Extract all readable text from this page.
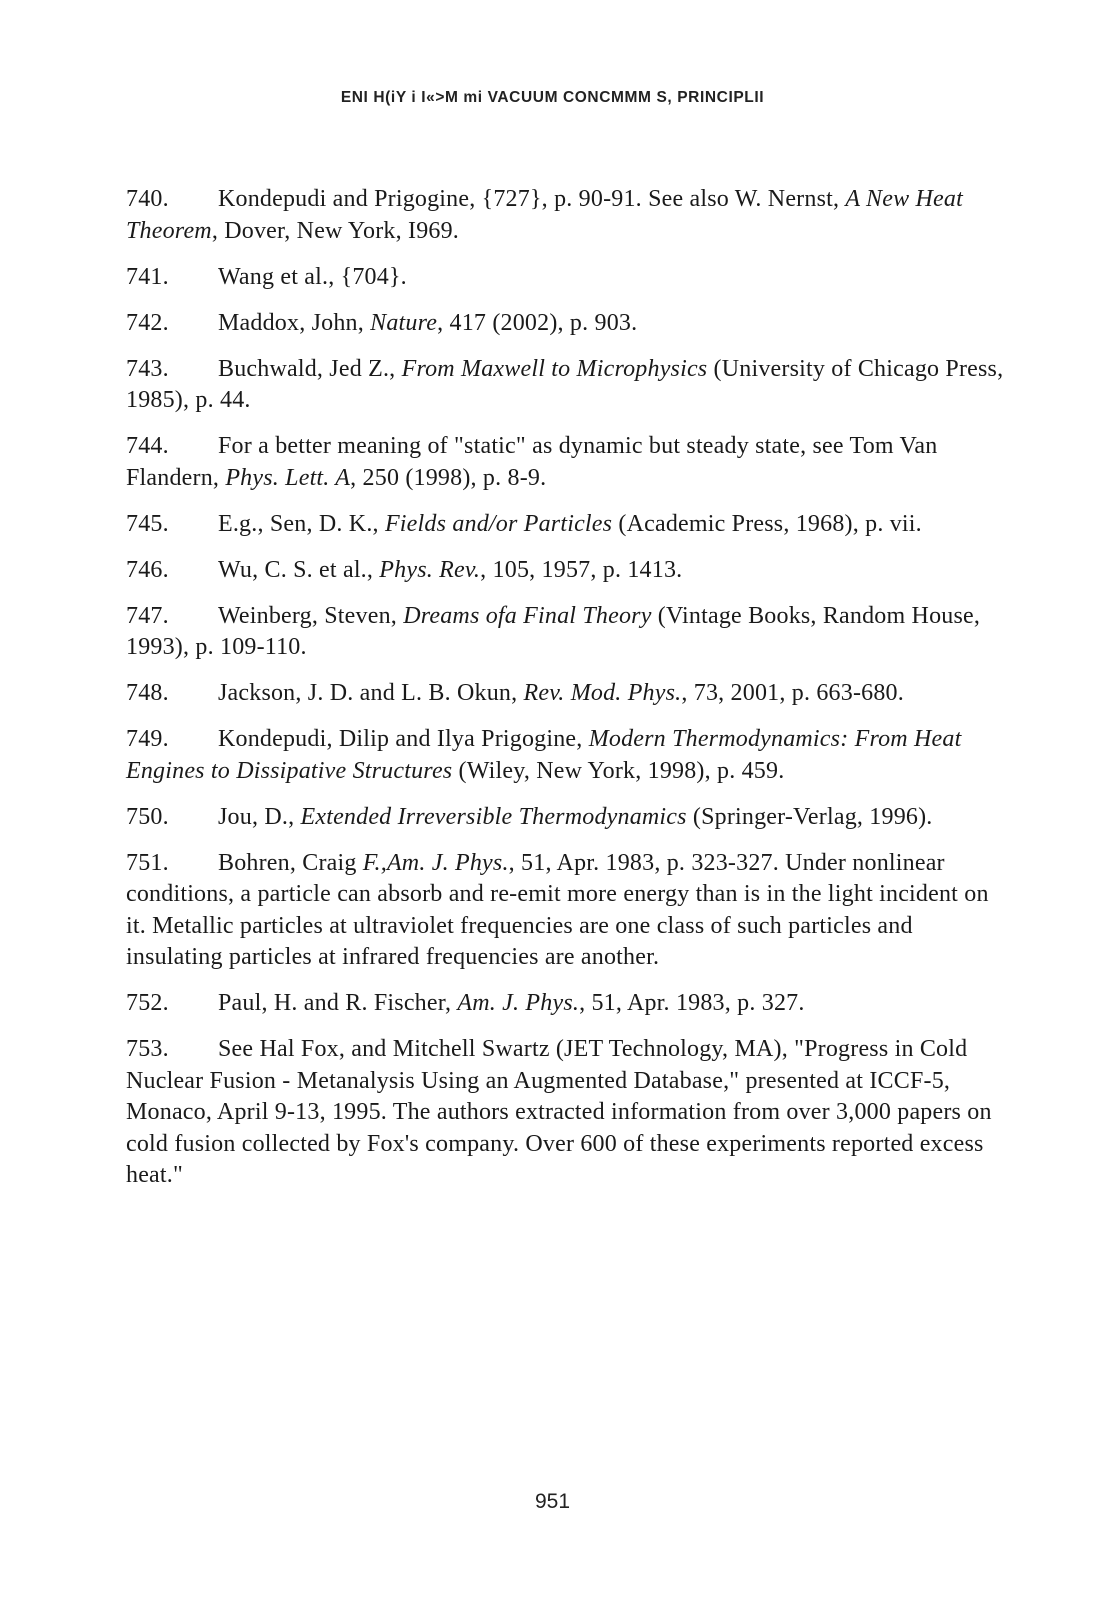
ENI H(iY i I«>M mi VACUUM CONCMMM S, PRINCIPLII

740. Kondepudi and Prigogine, {727}, p. 90-91. See also W. Nernst, A New Heat Theorem, Dover, New York, I969.

741. Wang et al., {704}.

742. Maddox, John, Nature, 417 (2002), p. 903.

743. Buchwald, Jed Z., From Maxwell to Microphysics (University of Chicago Press, 1985), p. 44.

744. For a better meaning of "static" as dynamic but steady state, see Tom Van Flandern, Phys. Lett. A, 250 (1998), p. 8-9.

745. E.g., Sen, D. K., Fields and/or Particles (Academic Press, 1968), p. vii.

746. Wu, C. S. et al., Phys. Rev., 105, 1957, p. 1413.

747. Weinberg, Steven, Dreams ofa Final Theory (Vintage Books, Random House, 1993), p. 109-110.

748. Jackson, J. D. and L. B. Okun, Rev. Mod. Phys., 73, 2001, p. 663-680.

749. Kondepudi, Dilip and Ilya Prigogine, Modern Thermodynamics: From Heat Engines to Dissipative Structures (Wiley, New York, 1998), p. 459.

750. Jou, D., Extended Irreversible Thermodynamics (Springer-Verlag, 1996).

751. Bohren, Craig F.,Am. J. Phys., 51, Apr. 1983, p. 323-327. Under nonlinear conditions, a particle can absorb and re-emit more energy than is in the light incident on it. Metallic particles at ultraviolet frequencies are one class of such particles and insulating particles at infrared frequencies are another.

752. Paul, H. and R. Fischer, Am. J. Phys., 51, Apr. 1983, p. 327.

753. See Hal Fox, and Mitchell Swartz (JET Technology, MA), "Progress in Cold Nuclear Fusion - Metanalysis Using an Augmented Database," presented at ICCF-5, Monaco, April 9-13, 1995. The authors extracted information from over 3,000 papers on cold fusion collected by Fox's company. Over 600 of these experiments reported excess heat."

951
